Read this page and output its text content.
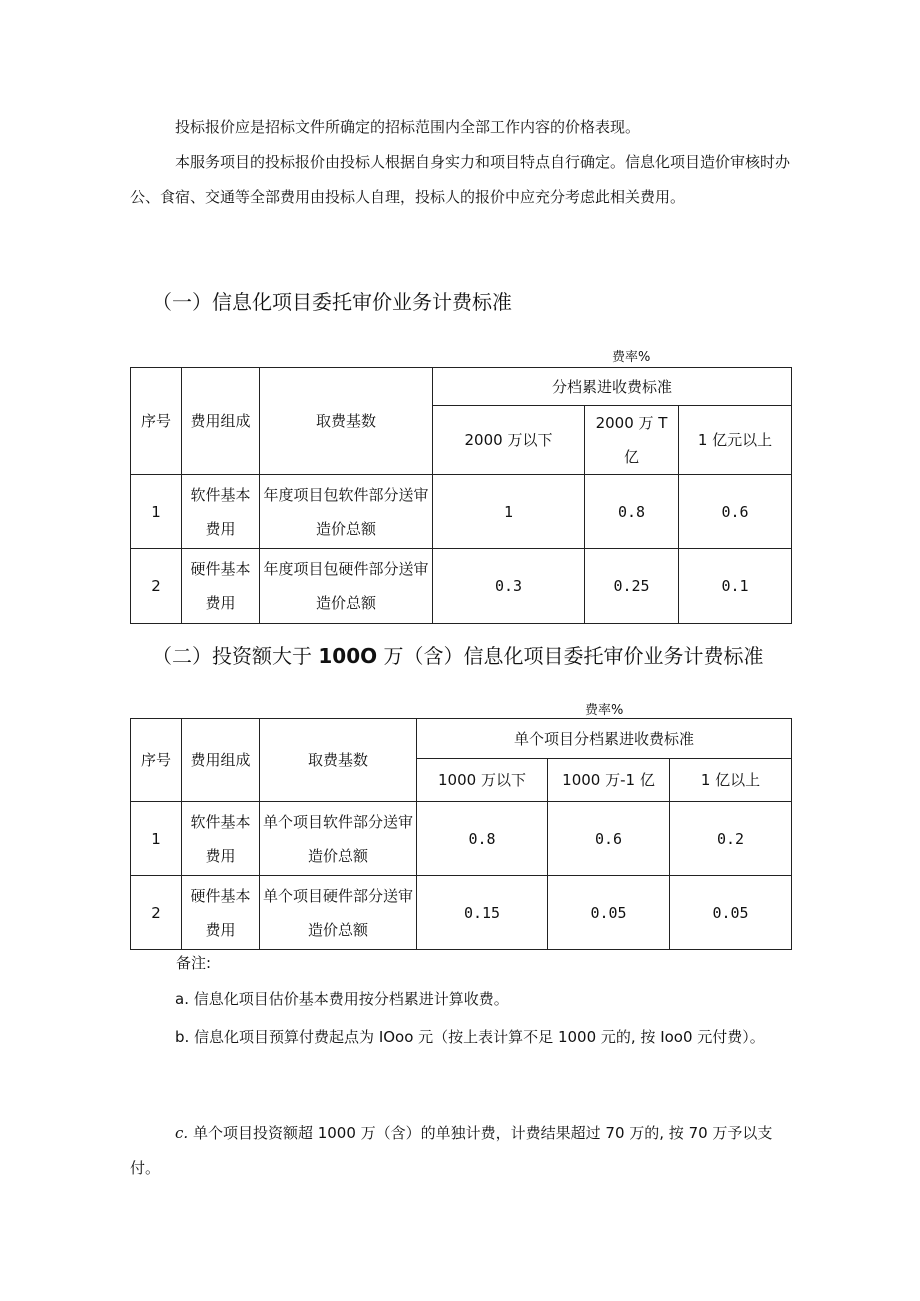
投标报价应是招标文件所确定的招标范围内全部工作内容的价格表现。

本服务项目的投标报价由投标人根据自身实力和项目特点自行确定。信息化项目造价审核时办公、食宿、交通等全部费用由投标人自理，投标人的报价中应充分考虑此相关费用。

（一）信息化项目委托审价业务计费标准

费率%
序号	费用组成	取费基数	分档累进收费标准		
			2000 万以下	2000 万 T 亿	1 亿元以上
1	软件基本费用	年度项目包软件部分送审造价总额	1	0.8	0.6
2	硬件基本费用	年度项目包硬件部分送审造价总额	0.3	0.25	0.1

（二）投资额大于 100O 万（含）信息化项目委托审价业务计费标准

费率%
序号	费用组成	取费基数	单个项目分档累进收费标准		
			1000 万以下	1000 万-1 亿	1 亿以上
1	软件基本费用	单个项目软件部分送审造价总额	0.8	0.6	0.2
2	硬件基本费用	单个项目硬件部分送审造价总额	0.15	0.05	0.05

备注:

a. 信息化项目估价基本费用按分档累进计算收费。

b. 信息化项目预算付费起点为 IOoo 元（按上表计算不足 1000 元的, 按 Ioo0 元付费）。

c. 单个项目投资额超 1000 万（含）的单独计费，计费结果超过 70 万的, 按 70 万予以支付。
